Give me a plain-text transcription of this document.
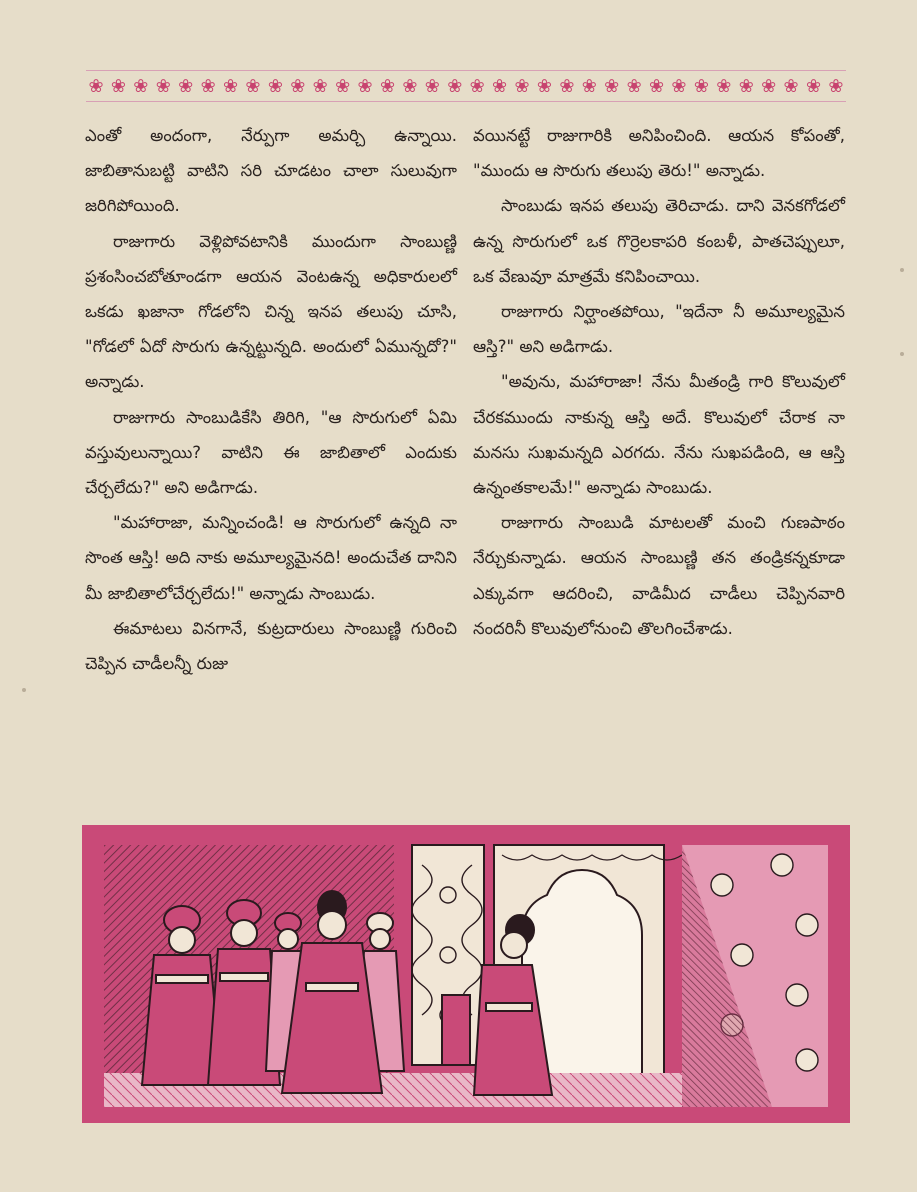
❀ ❀ ❀ ❀ ❀ ❀ ❀ ❀ ❀ ❀ ❀ ❀ ❀ ❀ ❀ ❀ ❀ ❀ ❀ ❀ ❀ ❀ ❀ ❀ ❀ ❀ ❀ ❀ ❀ ❀ ❀ ❀ ❀ ❀

ఎంతో అందంగా, నేర్పుగా అమర్చి ఉన్నాయి. జాబితానుబట్టి వాటిని సరి చూడటం చాలా సులువుగా జరిగిపోయింది.

రాజుగారు వెళ్లిపోవటానికి ముందుగా సాంబుణ్ణి ప్రశంసించబోతూండగా ఆయన వెంటఉన్న అధికారులలో ఒకడు ఖజానా గోడలోని చిన్న ఇనప తలుపు చూసి, "గోడలో ఏదో సొరుగు ఉన్నట్టున్నది. అందులో ఏమున్నదో?" అన్నాడు.

రాజుగారు సాంబుడికేసి తిరిగి, "ఆ సొరుగులో ఏమి వస్తువులున్నాయి? వాటిని ఈ జాబితాలో ఎందుకు చేర్చలేదు?" అని అడిగాడు.

"మహారాజా, మన్నించండి! ఆ సొరుగులో ఉన్నది నా సొంత ఆస్తి! అది నాకు అమూల్యమైనది! అందుచేత దానిని మీ జాబితాలోచేర్చలేదు!" అన్నాడు సాంబుడు.

ఈమాటలు వినగానే, కుట్రదారులు సాంబుణ్ణి గురించి చెప్పిన చాడీలన్నీ రుజు

వయినట్టే రాజుగారికి అనిపించింది. ఆయన కోపంతో, "ముందు ఆ సొరుగు తలుపు తెరు!" అన్నాడు.

సాంబుడు ఇనప తలుపు తెరిచాడు. దాని వెనకగోడలో ఉన్న సొరుగులో ఒక గొర్రెలకాపరి కంబళీ, పాతచెప్పులూ, ఒక వేణువూ మాత్రమే కనిపించాయి.

రాజుగారు నిర్ఘాంతపోయి, "ఇదేనా నీ అమూల్యమైన ఆస్తి?" అని అడిగాడు.

"అవును, మహారాజా! నేను మీతండ్రి గారి కొలువులో చేరకముందు నాకున్న ఆస్తి అదే. కొలువులో చేరాక నా మనసు సుఖమన్నది ఎరగదు. నేను సుఖపడింది, ఆ ఆస్తి ఉన్నంతకాలమే!" అన్నాడు సాంబుడు.

రాజుగారు సాంబుడి మాటలతో మంచి గుణపాఠం నేర్చుకున్నాడు. ఆయన సాంబుణ్ణి తన తండ్రికన్నకూడా ఎక్కువగా ఆదరించి, వాడిమీద చాడీలు చెప్పినవారి నందరినీ కొలువులోనుంచి తొలగించేశాడు.
